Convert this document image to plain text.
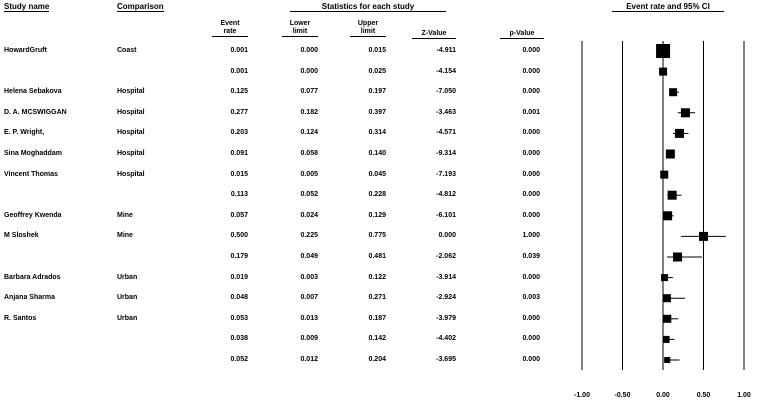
Study name	Comparison	Statistics for each study	Event rate and 95% CI
Event
rate
Lower
limit
Upper
limit	Z-Value	p-Value
HowardGruft	Coast	0.001	0.000	0.015	-4.911	0.000
0.001	0.000	0.025	-4.154	0.000
Helena Sebakova	Hospital	0.125	0.077	0.197	-7.050	0.000
D. A. MCSWIGGAN	Hospital	0.277	0.182	0.397	-3.463	0.001
E. P. Wright,	Hospital	0.203	0.124	0.314	-4.571	0.000
Sina Moghaddam	Hospital	0.091	0.058	0.140	-9.314	0.000
Vincent Thomas	Hospital	0.015	0.005	0.045	-7.193	0.000
0.113	0.052	0.228	-4.812	0.000
Geoffrey Kwenda	Mine	0.057	0.024	0.129	-6.101	0.000
M Sloshek	Mine	0.500	0.225	0.775	0.000	1.000
0.179	0.049	0.481	-2.062	0.039
Barbara Adrados	Urban	0.019	0.003	0.122	-3.914	0.000
Anjana Sharma	Urban	0.048	0.007	0.271	-2.924	0.003
R. Santos	Urban	0.053	0.013	0.187	-3.979	0.000
0.038	0.009	0.142	-4.402	0.000
0.052	0.012	0.204	-3.695	0.000
-1.00	-0.50	0.00	0.50	1.00
